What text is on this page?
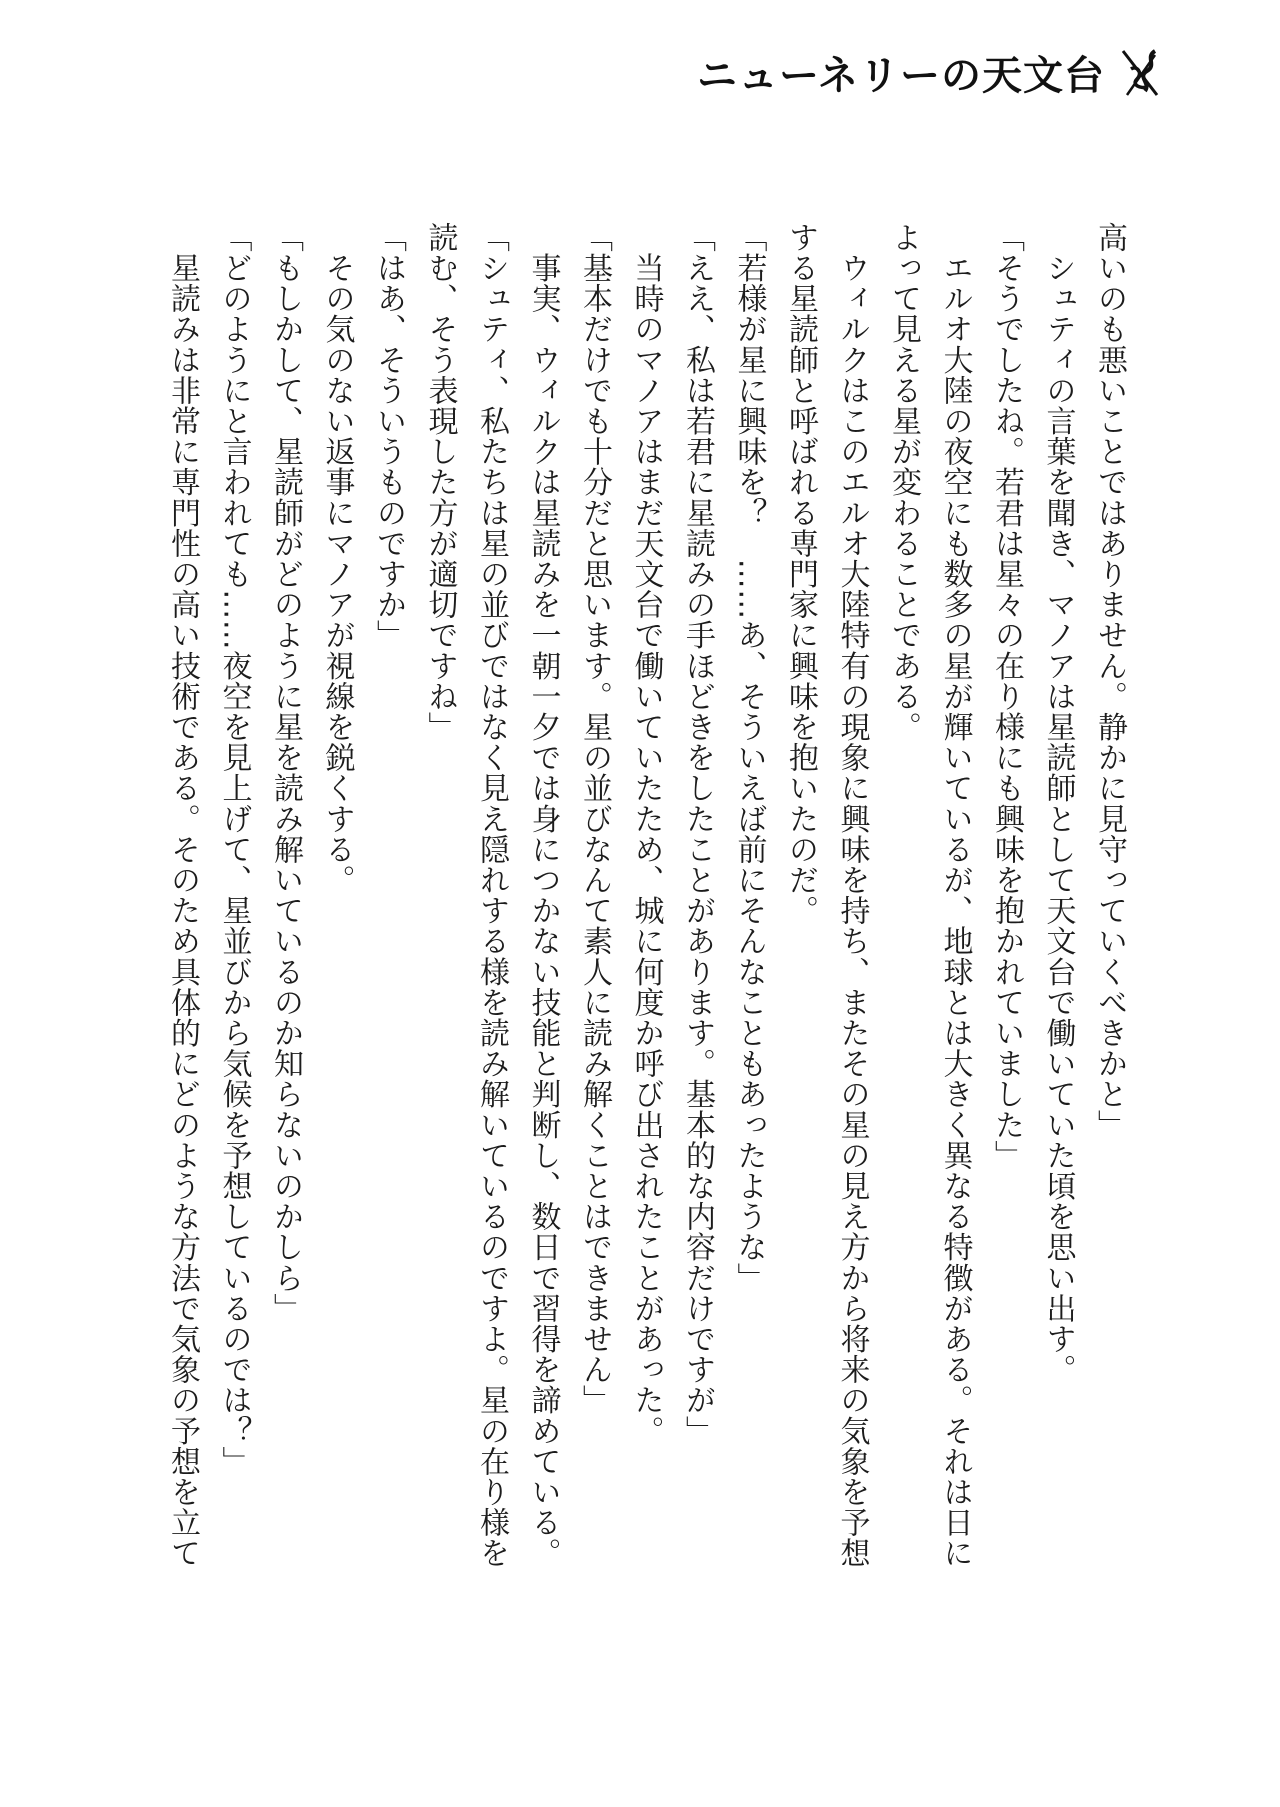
ニューネリーの天文台
高いのも悪いことではありません。静かに見守っていくべきかと」
　シュティの言葉を聞き、マノアは星読師として天文台で働いていた頃を思い出す。
「そうでしたね。若君は星々の在り様にも興味を抱かれていました」
　エルオ大陸の夜空にも数多の星が輝いているが、地球とは大きく異なる特徴がある。それは日に
よって見える星が変わることである。
　ウィルクはこのエルオ大陸特有の現象に興味を持ち、またその星の見え方から将来の気象を予想
する星読師と呼ばれる専門家に興味を抱いたのだ。
「若様が星に興味を？　……あ、そういえば前にそんなこともあったような」
「ええ、私は若君に星読みの手ほどきをしたことがあります。基本的な内容だけですが」
　当時のマノアはまだ天文台で働いていたため、城に何度か呼び出されたことがあった。
「基本だけでも十分だと思います。星の並びなんて素人に読み解くことはできません」
　事実、ウィルクは星読みを一朝一夕では身につかない技能と判断し、数日で習得を諦めている。
「シュティ、私たちは星の並びではなく見え隠れする様を読み解いているのですよ。星の在り様を
読む、そう表現した方が適切ですね」
「はあ、そういうものですか」
　その気のない返事にマノアが視線を鋭くする。
「もしかして、星読師がどのように星を読み解いているのか知らないのかしら」
「どのようにと言われても……夜空を見上げて、星並びから気候を予想しているのでは？」
　星読みは非常に専門性の高い技術である。そのため具体的にどのような方法で気象の予想を立て
